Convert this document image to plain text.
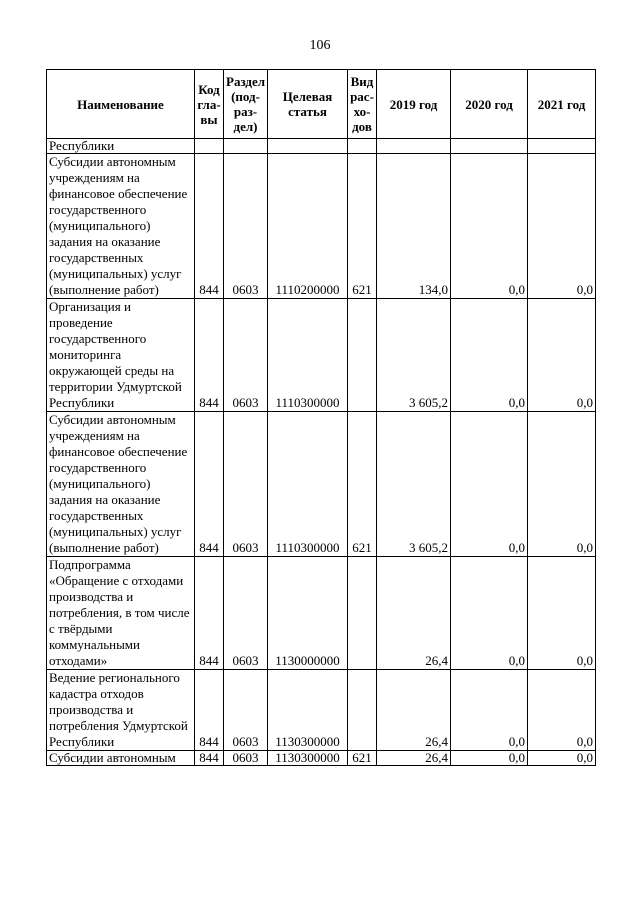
106
Наименование	Код гла- вы	Раздел (под- раз- дел)	Целевая статья	Вид рас- хо- дов	2019 год	2020 год	2021 год
Республики							
Субсидии автономным учреждениям на финансовое обеспечение государственного (муниципального) задания на оказание государственных (муниципальных) услуг (выполнение работ)	844	0603	1110200000	621	134,0	0,0	0,0
Организация и проведение государственного мониторинга окружающей среды на территории Удмуртской Республики	844	0603	1110300000		3 605,2	0,0	0,0
Субсидии автономным учреждениям на финансовое обеспечение государственного (муниципального) задания на оказание государственных (муниципальных) услуг (выполнение работ)	844	0603	1110300000	621	3 605,2	0,0	0,0
Подпрограмма «Обращение с отходами производства и потребления, в том числе с твёрдыми коммунальными отходами»	844	0603	1130000000		26,4	0,0	0,0
Ведение регионального кадастра отходов производства и потребления Удмуртской Республики	844	0603	1130300000		26,4	0,0	0,0
Субсидии автономным	844	0603	1130300000	621	26,4	0,0	0,0
